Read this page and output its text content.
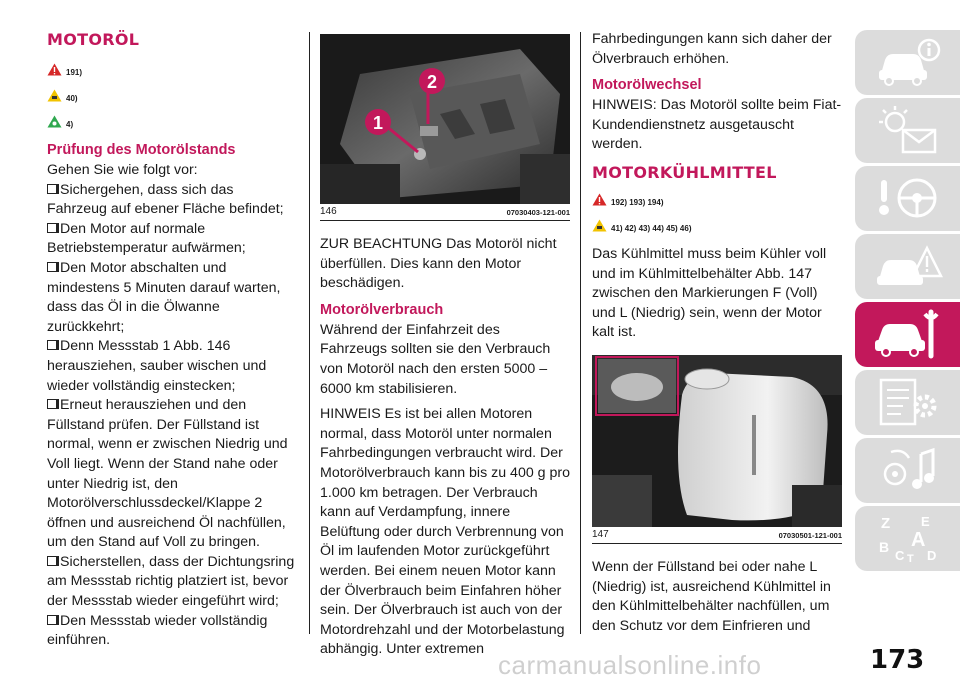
MOTORÖL
191)
40)
4)
Prüfung des Motorölstands

Gehen Sie wie folgt vor:

Sichergehen, dass sich das Fahrzeug auf ebener Fläche befindet;

Den Motor auf normale Betriebstemperatur aufwärmen;

Den Motor abschalten und mindestens 5 Minuten darauf warten, dass das Öl in die Ölwanne zurückkehrt;

Denn Messstab 1 Abb. 146 herausziehen, sauber wischen und wieder vollständig einstecken;

Erneut herausziehen und den Füllstand prüfen. Der Füllstand ist normal, wenn er zwischen Niedrig und Voll liegt. Wenn der Stand nahe oder unter Niedrig ist, den Motorölverschlussdeckel/Klappe 2 öffnen und ausreichend Öl nachfüllen, um den Stand auf Voll zu bringen.

Sicherstellen, dass der Dichtungsring am Messstab richtig platziert ist, bevor der Messstab wieder eingeführt wird;

Den Messstab wieder vollständig einführen.

1
2
146	07030403-121-001

ZUR BEACHTUNG Das Motoröl nicht überfüllen. Dies kann den Motor beschädigen.

Motorölverbrauch

Während der Einfahrzeit des Fahrzeugs sollten sie den Verbrauch von Motoröl nach den ersten 5000 – 6000 km stabilisieren.

HINWEIS Es ist bei allen Motoren normal, dass Motoröl unter normalen Fahrbedingungen verbraucht wird. Der Motorölverbrauch kann bis zu 400 g pro 1.000 km betragen. Der Verbrauch kann auf Verdampfung, innere Belüftung oder durch Verbrennung von Öl im laufenden Motor zurückgeführt werden. Bei einem neuen Motor kann der Ölverbrauch beim Einfahren höher sein. Der Ölverbrauch ist auch von der Motordrehzahl und der Motorbelastung abhängig. Unter extremen

Fahrbedingungen kann sich daher der Ölverbrauch erhöhen.

Motorölwechsel

HINWEIS: Das Motoröl sollte beim Fiat-Kundendienstnetz ausgetauscht werden.

MOTORKÜHLMITTEL
192) 193) 194)
41) 42) 43) 44) 45) 46)

Das Kühlmittel muss beim Kühler voll und im Kühlmittelbehälter Abb. 147 zwischen den Markierungen F (Voll) und L (Niedrig) sein, wenn der Motor kalt ist.

147	07030501-121-001

Wenn der Füllstand bei oder nahe L (Niedrig) ist, ausreichend Kühlmittel in den Kühlmittelbehälter nachfüllen, um den Schutz vor dem Einfrieren und

Z E
B A
C D
T
carmanualsonline.info	173
